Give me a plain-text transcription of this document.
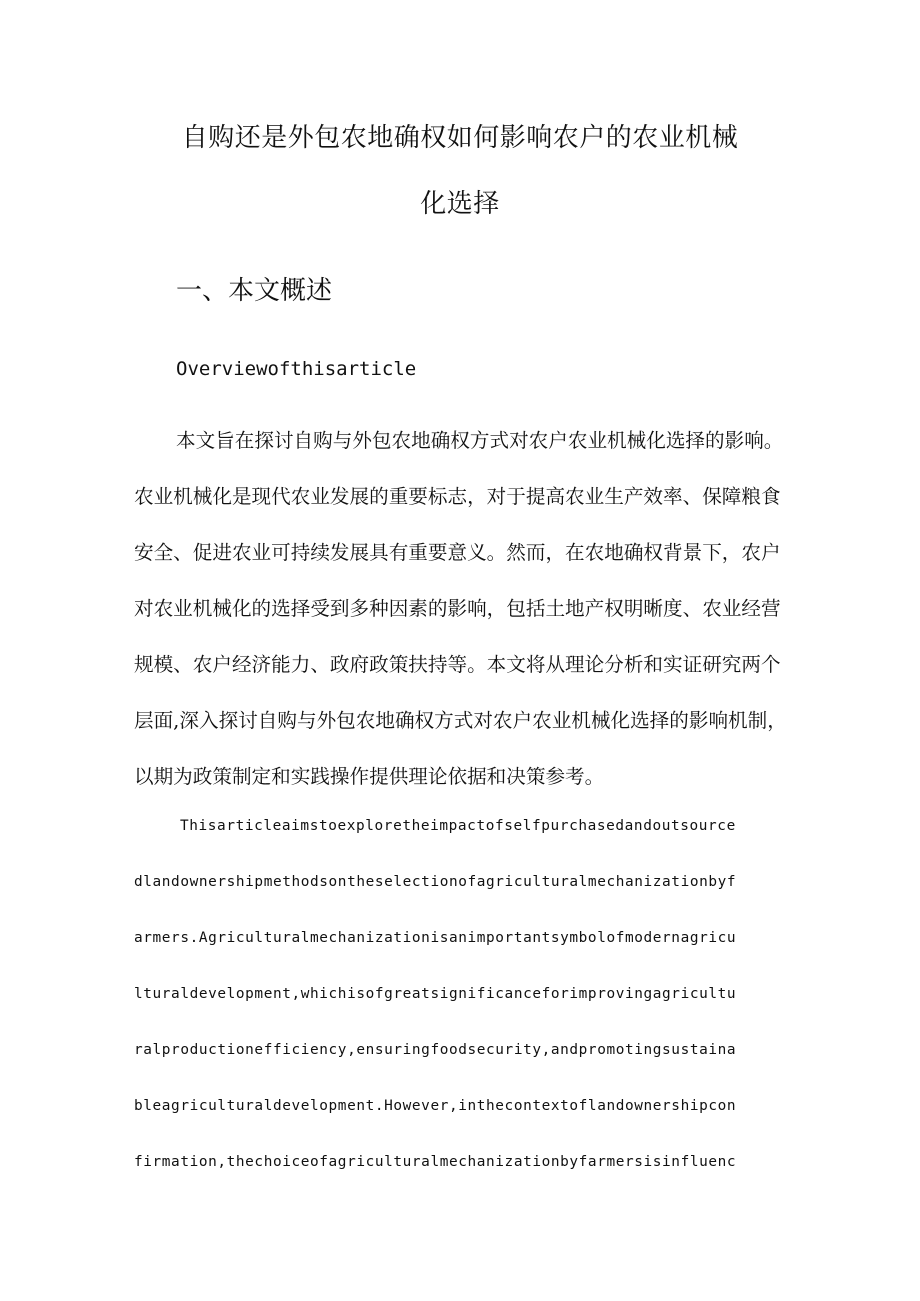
自购还是外包农地确权如何影响农户的农业机械
化选择
一、本文概述
Overviewofthisarticle
本文旨在探讨自购与外包农地确权方式对农户农业机械化选择的影响。
农业机械化是现代农业发展的重要标志，对于提高农业生产效率、保障粮食
安全、促进农业可持续发展具有重要意义。然而，在农地确权背景下，农户
对农业机械化的选择受到多种因素的影响，包括土地产权明晰度、农业经营
规模、农户经济能力、政府政策扶持等。本文将从理论分析和实证研究两个
层面,深入探讨自购与外包农地确权方式对农户农业机械化选择的影响机制，
以期为政策制定和实践操作提供理论依据和决策参考。
Thisarticleaimstoexploretheimpactofselfpurchasedandoutsource
dlandownershipmethodsontheselectionofagriculturalmechanizationbyf
armers.Agriculturalmechanizationisanimportantsymbolofmodernagricu
lturaldevelopment,whichisofgreatsignificanceforimprovingagricultu
ralproductionefficiency,ensuringfoodsecurity,andpromotingsustaina
bleagriculturaldevelopment.However,inthecontextoflandownershipcon
firmation,thechoiceofagriculturalmechanizationbyfarmersisinfluenc
